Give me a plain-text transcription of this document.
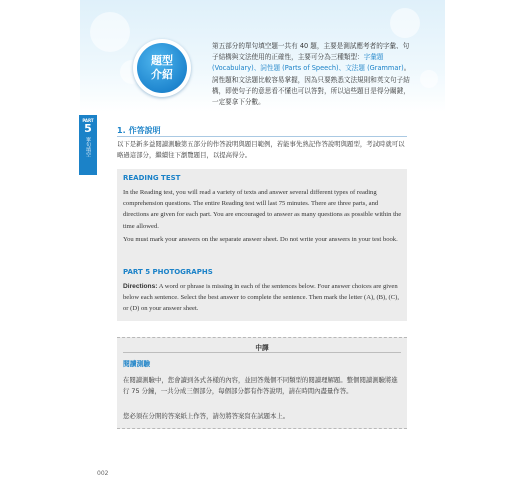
題型
介紹
第五部分的單句填空題一共有 40 題，主要是測試應考者的字彙、句子結構與文法使用的正確性，主要可分為三種類型：字彙題 (Vocabulary)、詞性題 (Parts of Speech)、文法題 (Grammar)。詞性題和文法題比較容易掌握，因為只要熟悉文法規則和英文句子結構，即使句子的意思看不懂也可以答對，所以這些題目是得分關鍵，一定要拿下分數。
PART
5
單句填空
1. 作答說明
以下是新多益閱讀測驗第五部分的作答說明與題目範例，若能事先熟記作答說明與題型，考試時就可以略過這部分，繼續往下瀏覽題目，以提高得分。
READING TEST
In the Reading test, you will read a variety of texts and answer several different types of reading comprehension questions. The entire Reading test will last 75 minutes. There are three parts, and directions are given for each part. You are encouraged to answer as many questions as possible within the time allowed.
You must mark your answers on the separate answer sheet. Do not write your answers in your test book.
PART 5 PHOTOGRAPHS
Directions: A word or phrase is missing in each of the sentences below. Four answer choices are given below each sentence. Select the best answer to complete the sentence. Then mark the letter (A), (B), (C), or (D) on your answer sheet.
中譯
閱讀測驗
在閱讀測驗中，您會讀到各式各樣的內容，並回答幾個不同類型的閱讀理解題。整個閱讀測驗將進行 75 分鐘，一共分成三個部分，每個部分都有作答說明，請在時間內盡量作答。
您必須在分開的答案紙上作答，請勿將答案寫在試題本上。
002
